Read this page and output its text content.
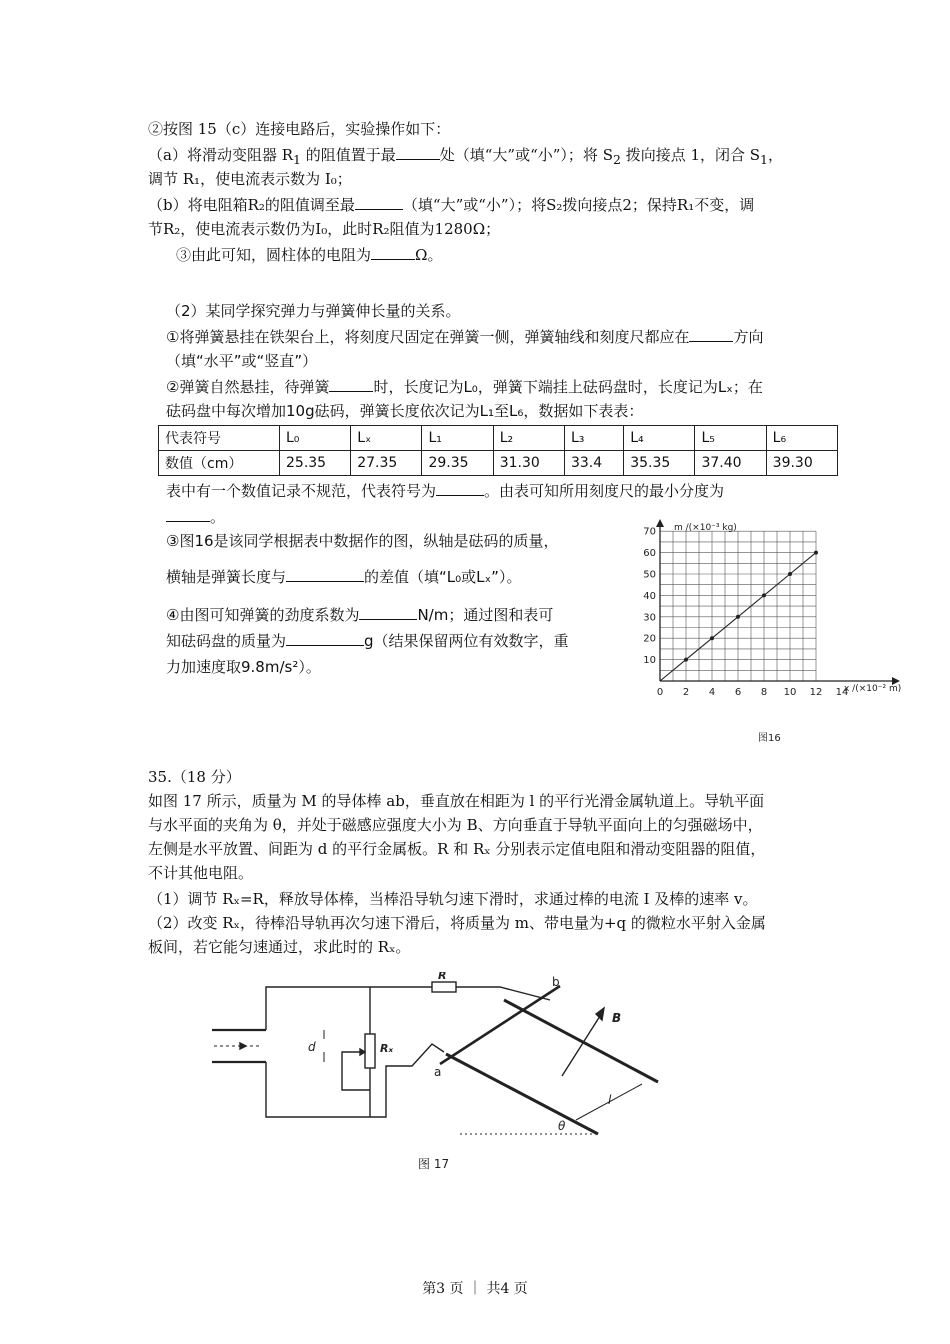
②按图 15（c）连接电路后，实验操作如下：
（a）将滑动变阻器 $R_1$ 的阻值置于最	处（填“大”或“小”）；将 $S_2$ 拨向接点 1，闭合 $S_1$，
调节 R₁，使电流表示数为 I₀；
（b）将电阻箱R₂的阻值调至最	（填“大”或“小”）；将S₂拨向接点2；保持R₁不变，调
节R₂，使电流表示数仍为I₀，此时R₂阻值为1280Ω；
③由此可知，圆柱体的电阻为	Ω。
（2）某同学探究弹力与弹簧伸长量的关系。
①将弹簧悬挂在铁架台上，将刻度尺固定在弹簧一侧，弹簧轴线和刻度尺都应在	方向
（填“水平”或“竖直”）
②弹簧自然悬挂，待弹簧	时，长度记为L₀，弹簧下端挂上砝码盘时，长度记为Lₓ；在
砝码盘中每次增加10g砝码，弹簧长度依次记为L₁至L₆，数据如下表表：
代表符号	L₀	Lₓ	L₁	L₂	L₃	L₄	L₅	L₆
数值（cm）	25.35	27.35	29.35	31.30	33.4	35.35	37.40	39.30
表中有一个数值记录不规范，代表符号为	。由表可知所用刻度尺的最小分度为
。
③图16是该同学根据表中数据作的图，纵轴是砝码的质量，
横轴是弹簧长度与	的差值（填“L₀或Lₓ”）。
④由图可知弹簧的劲度系数为	N/m；通过图和表可
知砝码盘的质量为	g（结果保留两位有效数字，重
力加速度取9.8m/s²）。
0 2 4 6 8 10 12 14
10
20
30
40
50
60
70 m /(×10⁻³ kg)
x /(×10⁻² m)
图16
35.（18 分）
如图 17 所示，质量为 M 的导体棒 ab，垂直放在相距为 l 的平行光滑金属轨道上。导轨平面
与水平面的夹角为 θ，并处于磁感应强度大小为 B、方向垂直于导轨平面向上的匀强磁场中，
左侧是水平放置、间距为 d 的平行金属板。R 和 Rₓ 分别表示定值电阻和滑动变阻器的阻值，
不计其他电阻。
（1）调节 Rₓ=R，释放导体棒，当棒沿导轨匀速下滑时，求通过棒的电流 I 及棒的速率 v。
（2）改变 Rₓ，待棒沿导轨再次匀速下滑后，将质量为 m、带电量为+q 的微粒水平射入金属
板间，若它能匀速通过，求此时的 Rₓ。
d
R
Rₓ
a
b
B
l
θ
图 17
第3 页 ｜ 共4 页
